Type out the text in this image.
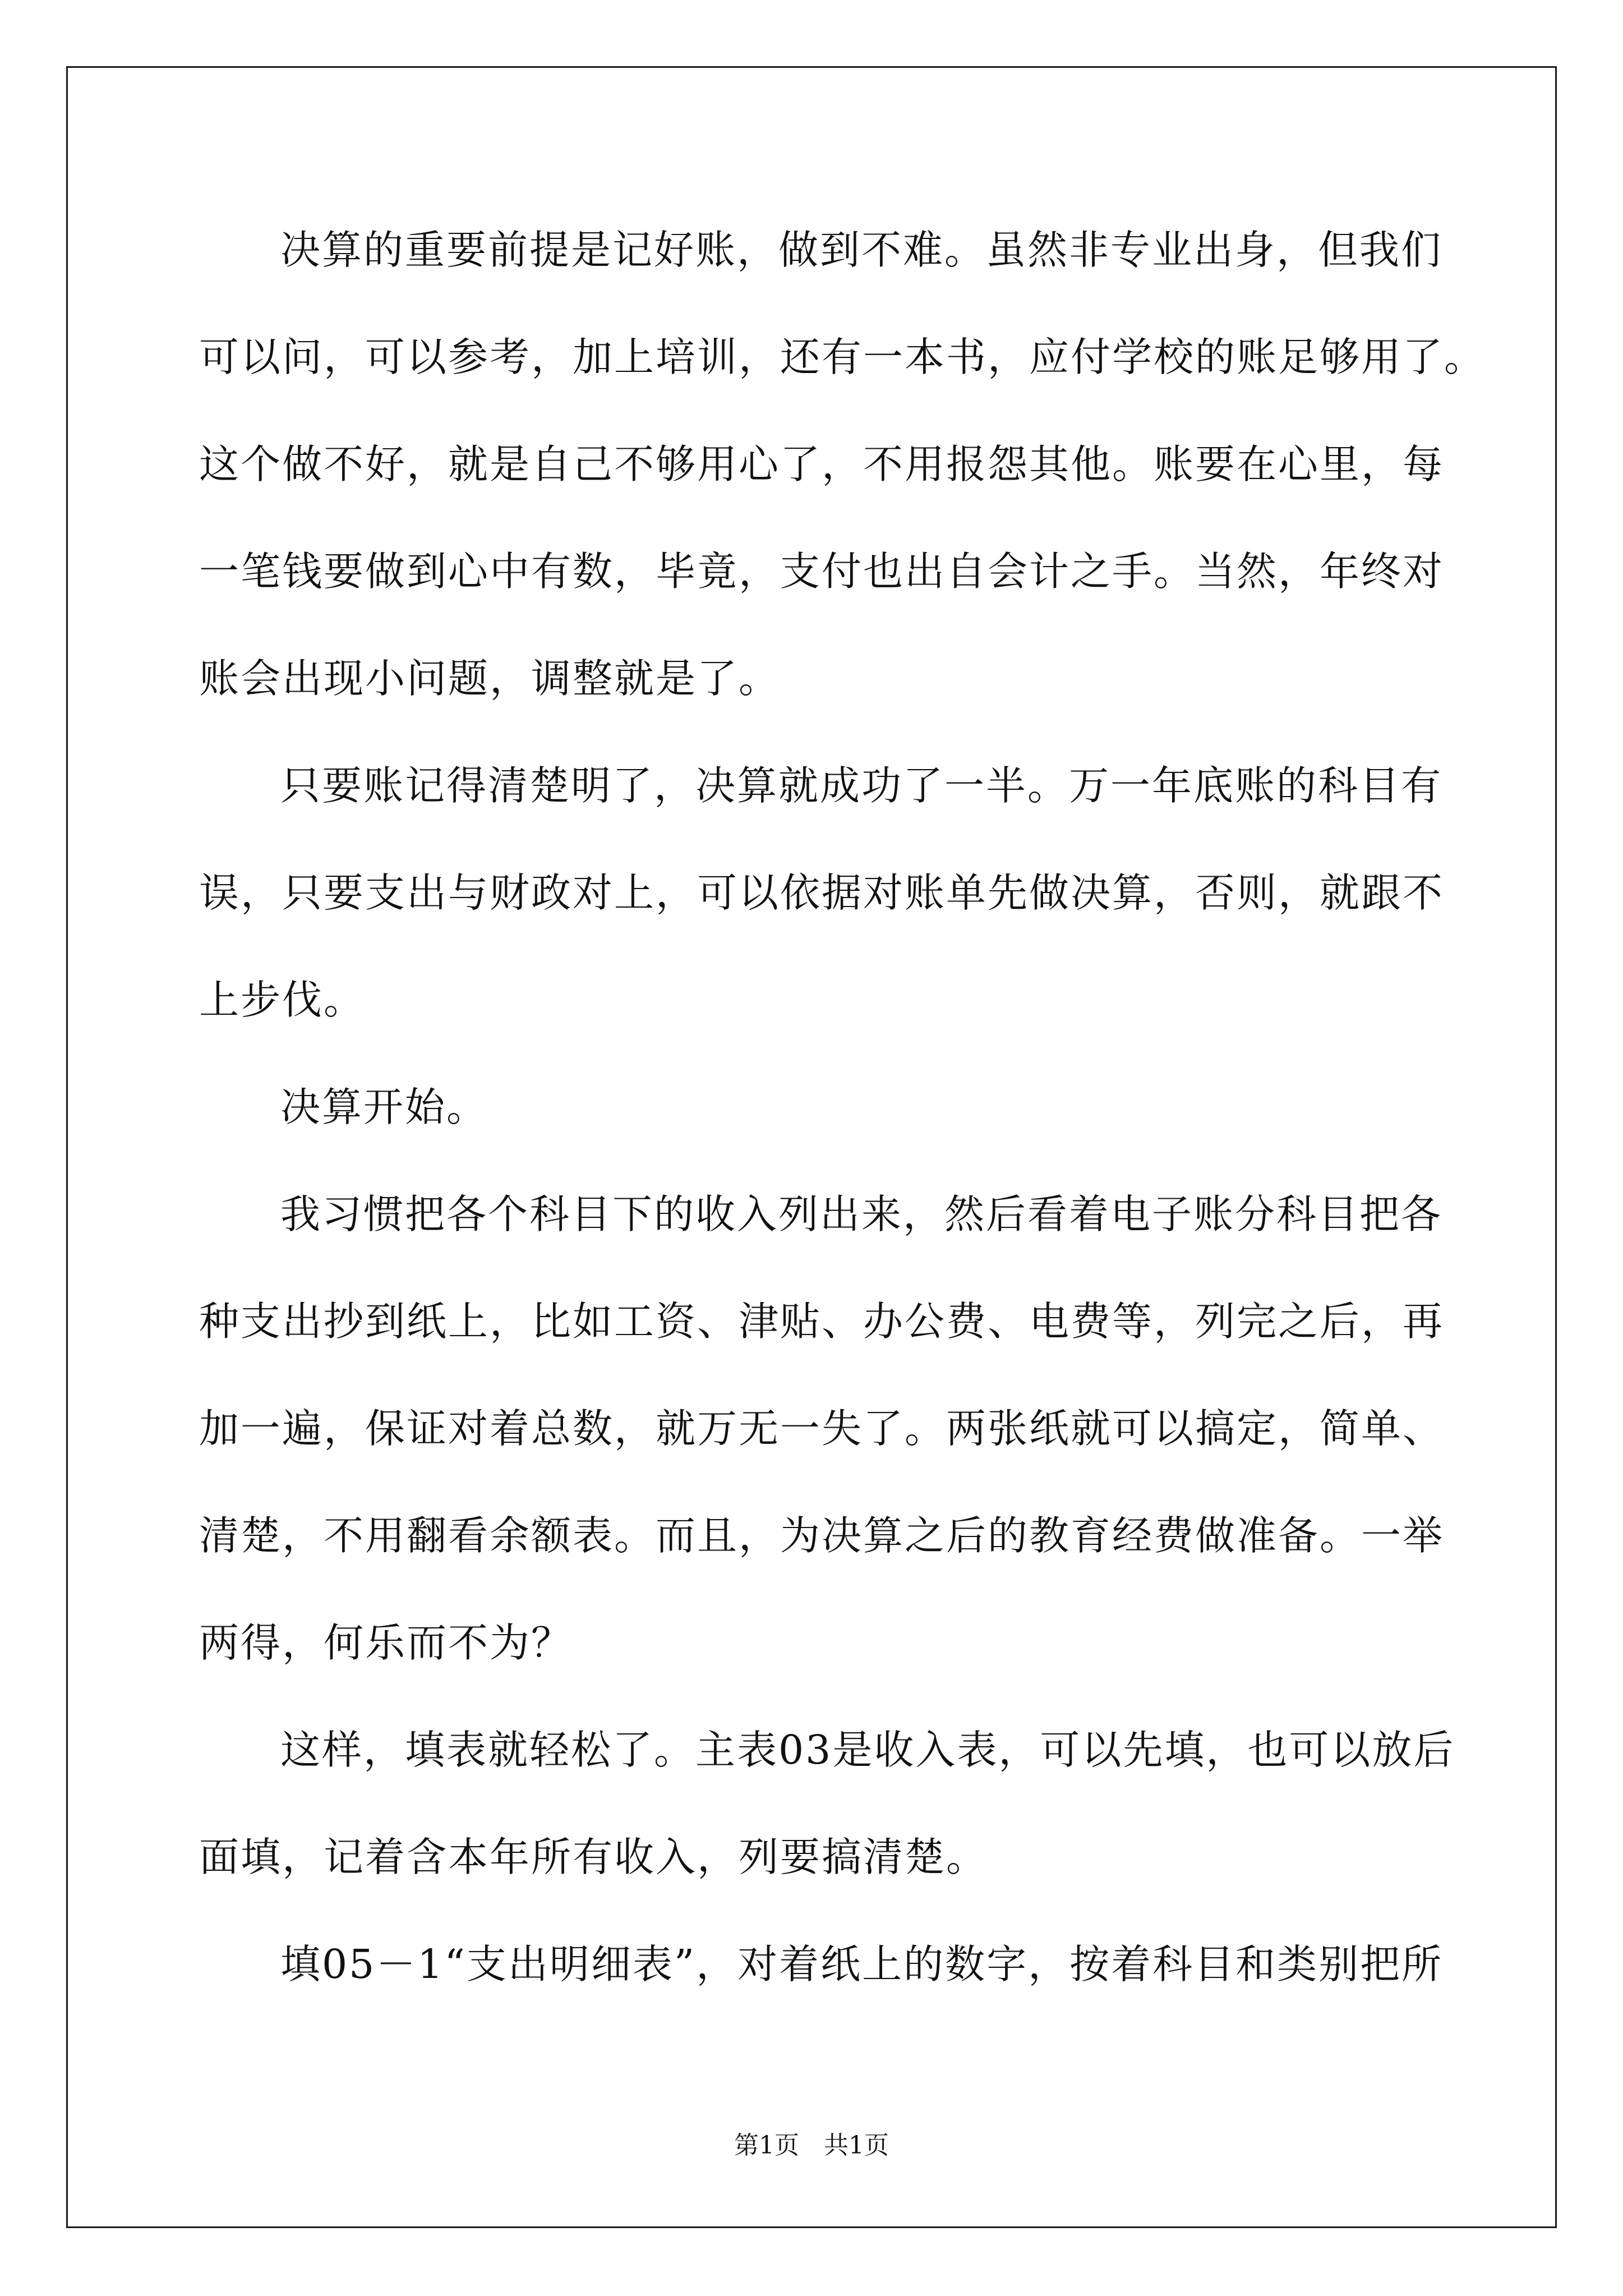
决算的重要前提是记好账，做到不难。虽然非专业出身，但我们
可以问，可以参考，加上培训，还有一本书，应付学校的账足够用了。
这个做不好，就是自己不够用心了，不用报怨其他。账要在心里，每
一笔钱要做到心中有数，毕竟，支付也出自会计之手。当然，年终对
账会出现小问题，调整就是了。
只要账记得清楚明了，决算就成功了一半。万一年底账的科目有
误，只要支出与财政对上，可以依据对账单先做决算，否则，就跟不
上步伐。
决算开始。
我习惯把各个科目下的收入列出来，然后看着电子账分科目把各
种支出抄到纸上，比如工资、津贴、办公费、电费等，列完之后，再
加一遍，保证对着总数，就万无一失了。两张纸就可以搞定，简单、
清楚，不用翻看余额表。而且，为决算之后的教育经费做准备。一举
两得，何乐而不为？
这样，填表就轻松了。主表03是收入表，可以先填，也可以放后
面填，记着含本年所有收入，列要搞清楚。
填05－1“支出明细表”，对着纸上的数字，按着科目和类别把所
第1页 共1页
